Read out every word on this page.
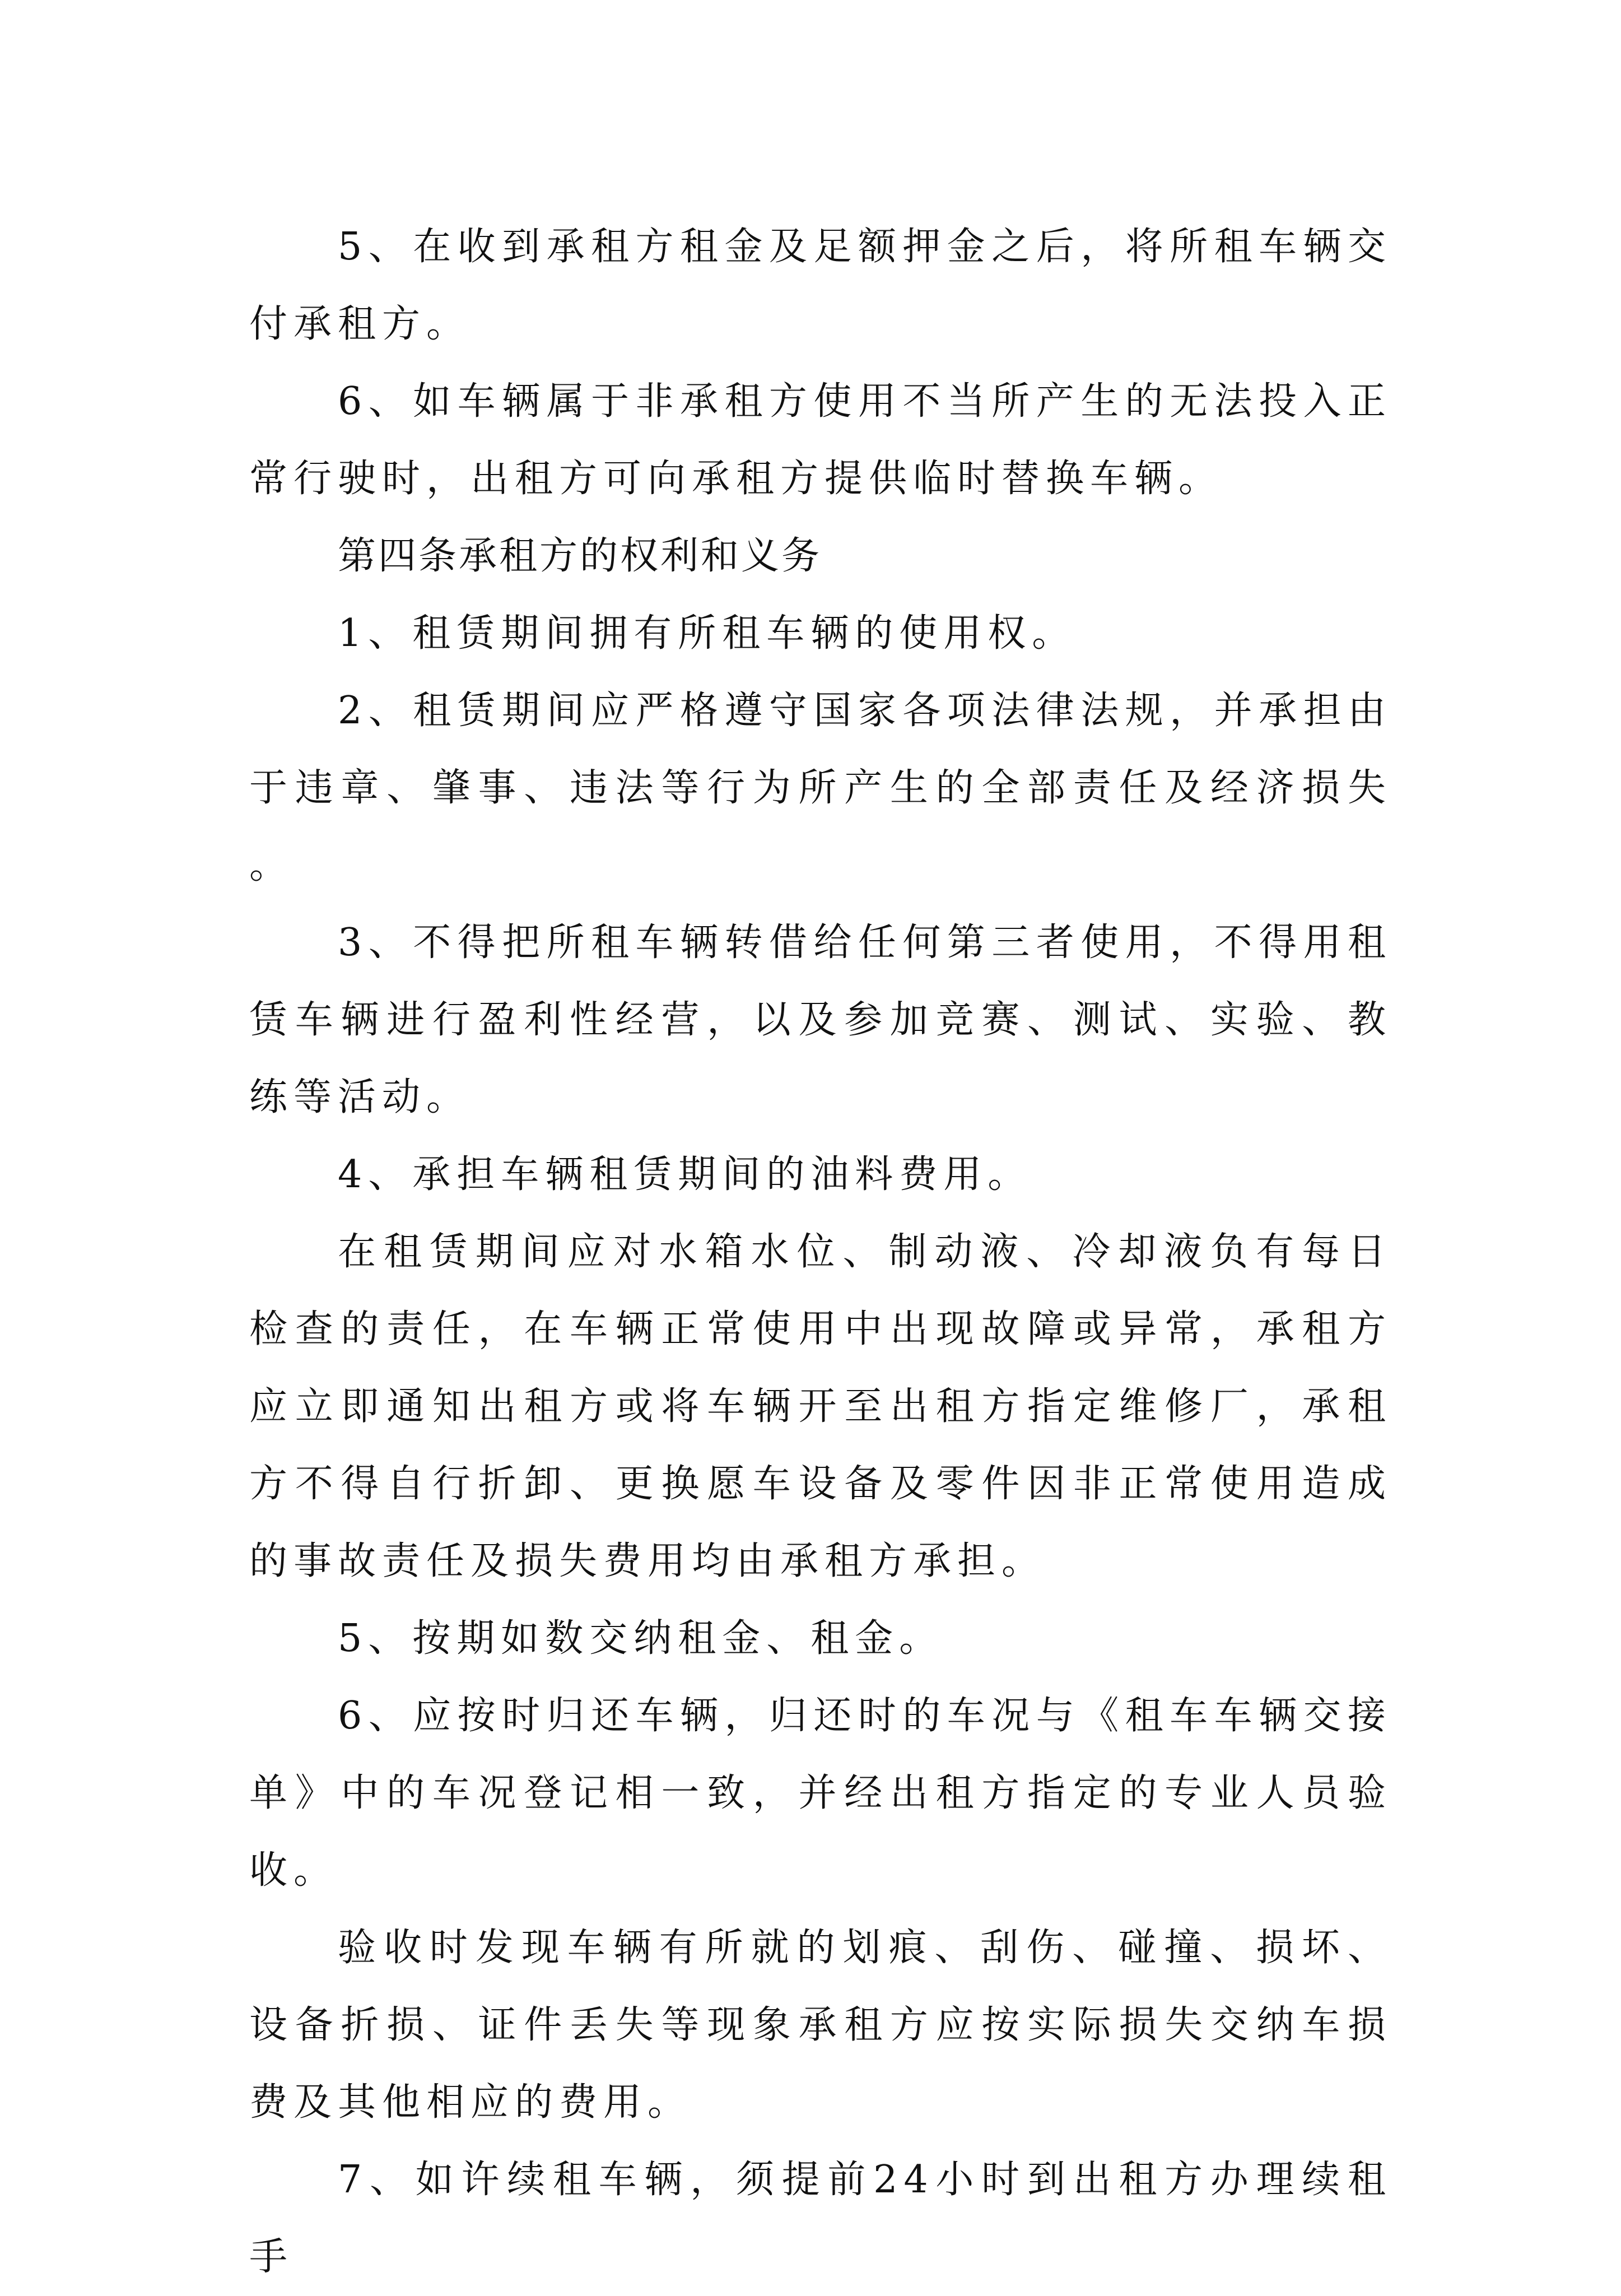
5、在收到承租方租金及足额押金之后，将所租车辆交付承租方。

6、如车辆属于非承租方使用不当所产生的无法投入正常行驶时，出租方可向承租方提供临时替换车辆。

第四条承租方的权利和义务

1、租赁期间拥有所租车辆的使用权。

2、租赁期间应严格遵守国家各项法律法规，并承担由于违章、肇事、违法等行为所产生的全部责任及经济损失。

3、不得把所租车辆转借给任何第三者使用，不得用租赁车辆进行盈利性经营，以及参加竞赛、测试、实验、教练等活动。

4、承担车辆租赁期间的油料费用。

在租赁期间应对水箱水位、制动液、冷却液负有每日检查的责任，在车辆正常使用中出现故障或异常，承租方应立即通知出租方或将车辆开至出租方指定维修厂，承租方不得自行折卸、更换愿车设备及零件因非正常使用造成的事故责任及损失费用均由承租方承担。

5、按期如数交纳租金、租金。

6、应按时归还车辆，归还时的车况与《租车车辆交接单》中的车况登记相一致，并经出租方指定的专业人员验收。

验收时发现车辆有所就的划痕、刮伤、碰撞、损坏、设备折损、证件丢失等现象承租方应按实际损失交纳车损费及其他相应的费用。

7、如许续租车辆，须提前24小时到出租方办理续租手
